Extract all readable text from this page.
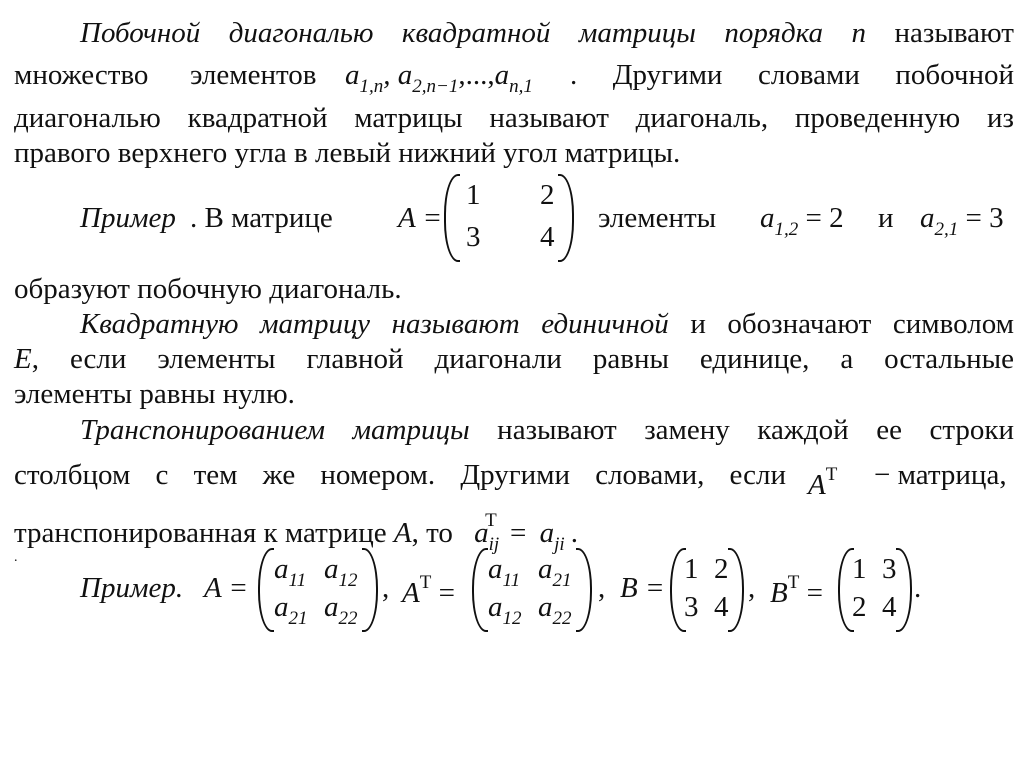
Побочной диагональю квадратной матрицы порядка n называют
множество элементов $a_{1,n}$, $a_{2,n-1},...,a_{n,1}$ . Другими словами побочной
диагональю квадратной матрицы называют диагональ, проведенную из
правого верхнего угла в левый нижний угол матрицы.
Пример . В матрице A =
1 2
3 4
элементы $a_{1,2} = 2$ и $a_{2,1} = 3$
образуют побочную диагональ.
Квадратную матрицу называют единичной и обозначают символом
E, если элементы главной диагонали равны единице, а остальные
элементы равны нулю.
Транспонированием матрицы называют замену каждой ее строки
столбцом с тем же номером. Другими словами, если $A^T$ − матрица,
транспонированная к матрице A, то $a_{ij}^T = a_{ji}$ .
.
Пример. A =
$a_{11}$ $a_{12}$
$a_{21}$ $a_{22}$
, $A^T$ =
$a_{11}$ $a_{21}$
$a_{12}$ $a_{22}$
, B =
1 2
3 4
, $B^T$ =
1 3
2 4
.
